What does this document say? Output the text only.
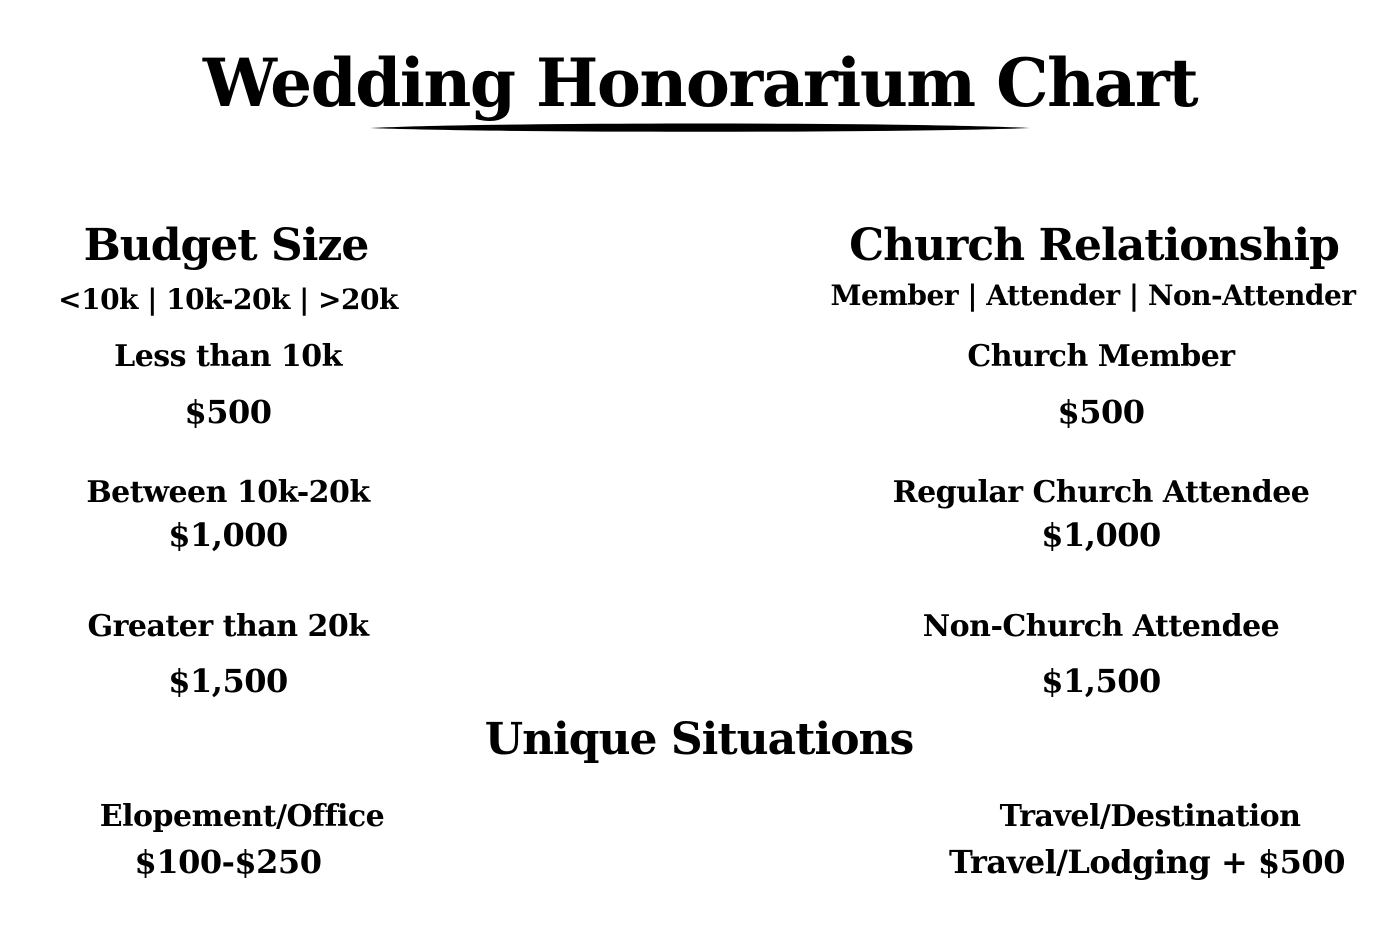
Wedding Honorarium Chart
Budget Size
<10k | 10k-20k | >20k
Less than 10k
$500
Between 10k-20k
$1,000
Greater than 20k
$1,500
Church Relationship
Member | Attender | Non-Attender
Church Member
$500
Regular Church Attendee
$1,000
Non-Church Attendee
$1,500
Unique Situations
Elopement/Office
$100-$250
Travel/Destination
Travel/Lodging + $500
